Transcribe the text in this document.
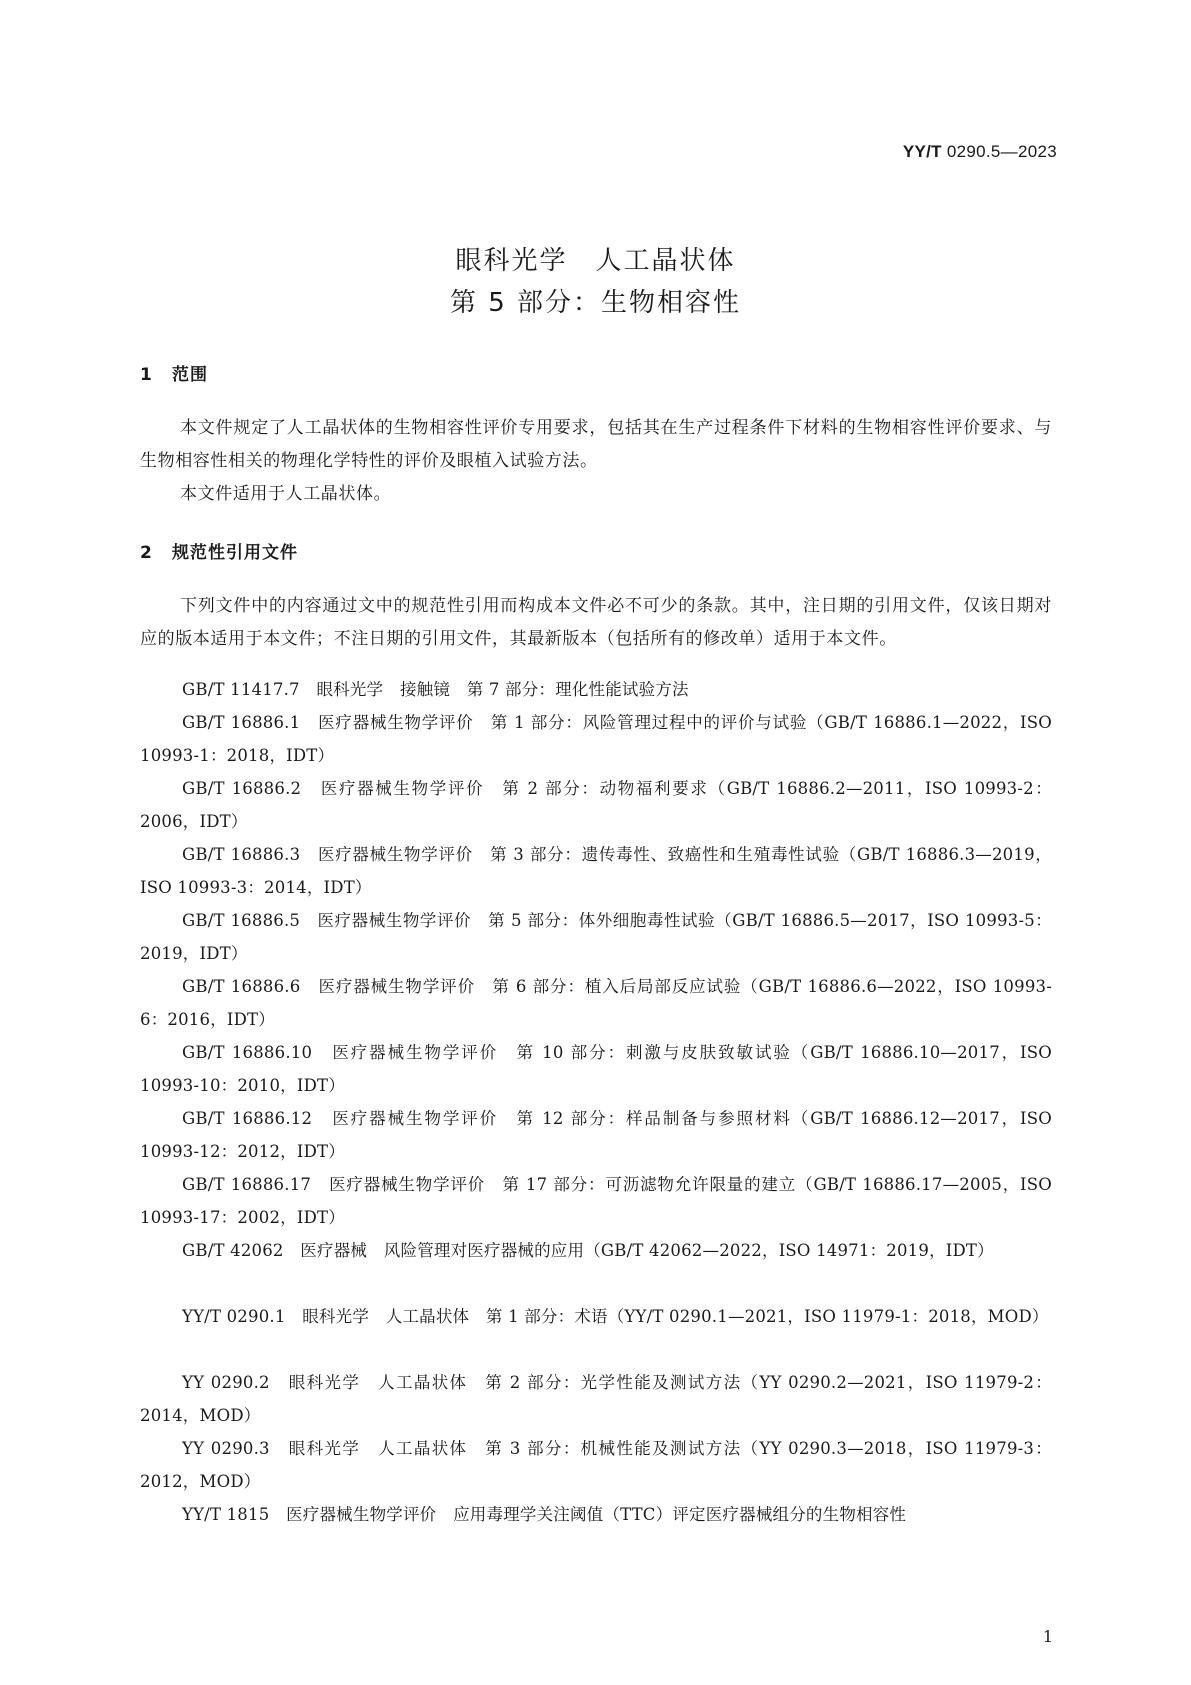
YY/T 0290.5—2023
眼科光学　人工晶状体
第 5 部分：生物相容性
1 范围
本文件规定了人工晶状体的生物相容性评价专用要求，包括其在生产过程条件下材料的生物相容性评价要求、与生物相容性相关的物理化学特性的评价及眼植入试验方法。
本文件适用于人工晶状体。
2 规范性引用文件
下列文件中的内容通过文中的规范性引用而构成本文件必不可少的条款。其中，注日期的引用文件，仅该日期对应的版本适用于本文件；不注日期的引用文件，其最新版本（包括所有的修改单）适用于本文件。
GB/T 11417.7　眼科光学　接触镜　第 7 部分：理化性能试验方法
GB/T 16886.1　医疗器械生物学评价　第 1 部分：风险管理过程中的评价与试验（GB/T 16886.1—2022，ISO 10993-1：2018，IDT）
GB/T 16886.2　医疗器械生物学评价　第 2 部分：动物福利要求（GB/T 16886.2—2011，ISO 10993-2：2006，IDT）
GB/T 16886.3　医疗器械生物学评价　第 3 部分：遗传毒性、致癌性和生殖毒性试验（GB/T 16886.3—2019，ISO 10993-3：2014，IDT）
GB/T 16886.5　医疗器械生物学评价　第 5 部分：体外细胞毒性试验（GB/T 16886.5—2017，ISO 10993-5：2019，IDT）
GB/T 16886.6　医疗器械生物学评价　第 6 部分：植入后局部反应试验（GB/T 16886.6—2022，ISO 10993-6：2016，IDT）
GB/T 16886.10　医疗器械生物学评价　第 10 部分：刺激与皮肤致敏试验（GB/T 16886.10—2017，ISO 10993-10：2010，IDT）
GB/T 16886.12　医疗器械生物学评价　第 12 部分：样品制备与参照材料（GB/T 16886.12—2017，ISO 10993-12：2012，IDT）
GB/T 16886.17　医疗器械生物学评价　第 17 部分：可沥滤物允许限量的建立（GB/T 16886.17—2005，ISO 10993-17：2002，IDT）
GB/T 42062　医疗器械　风险管理对医疗器械的应用（GB/T 42062—2022，ISO 14971：2019，IDT）
YY/T 0290.1　眼科光学　人工晶状体　第 1 部分：术语（YY/T 0290.1—2021，ISO 11979-1：2018，MOD）
YY 0290.2　眼科光学　人工晶状体　第 2 部分：光学性能及测试方法（YY 0290.2—2021，ISO 11979-2：2014，MOD）
YY 0290.3　眼科光学　人工晶状体　第 3 部分：机械性能及测试方法（YY 0290.3—2018，ISO 11979-3：2012，MOD）
YY/T 1815　医疗器械生物学评价　应用毒理学关注阈值（TTC）评定医疗器械组分的生物相容性
1
